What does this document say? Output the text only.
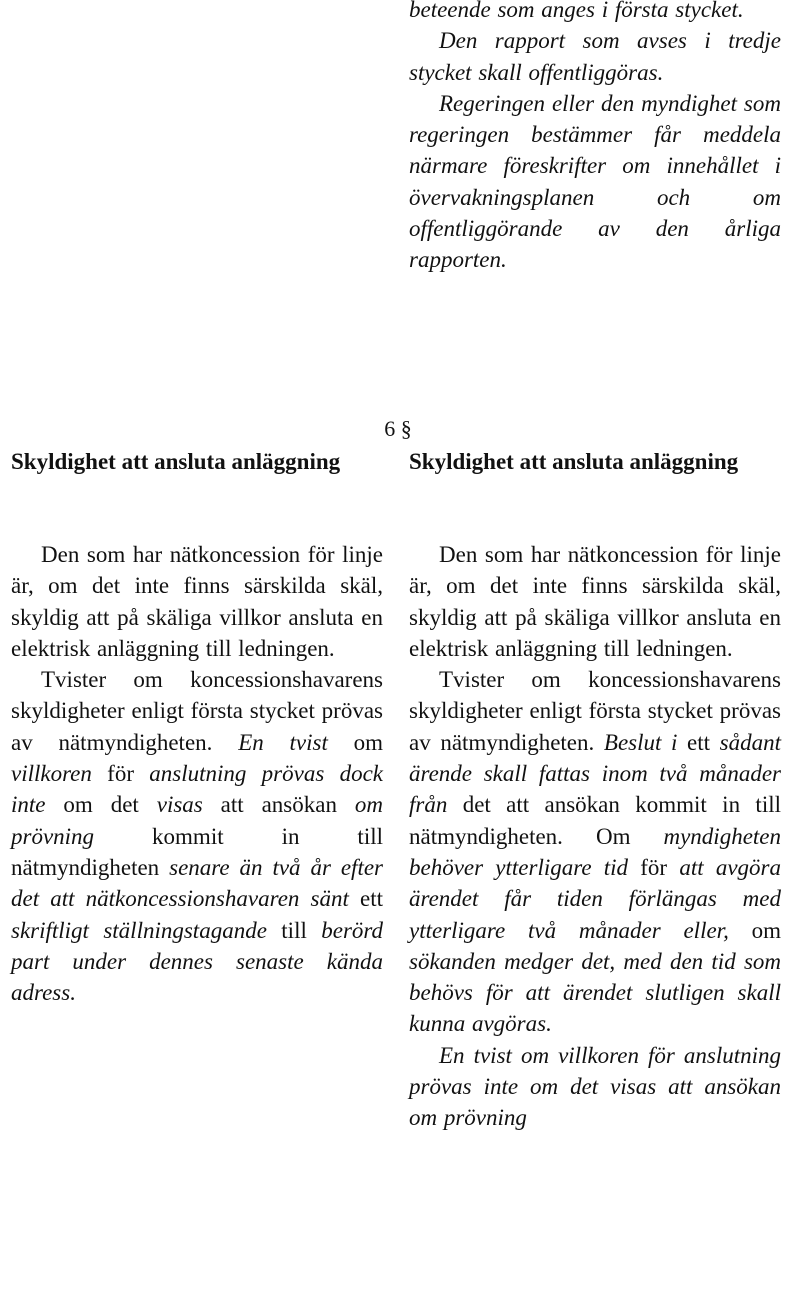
beteende som anges i första stycket.

Den rapport som avses i tredje stycket skall offentliggöras.

Regeringen eller den myndighet som regeringen bestämmer får meddela närmare föreskrifter om innehållet i övervakningsplanen och om offentliggörande av den årliga rapporten.

6 §
Skyldighet att ansluta anläggning	Skyldighet att ansluta anläggning

Den som har nätkoncession för linje är, om det inte finns särskilda skäl, skyldig att på skäliga villkor ansluta en elektrisk anläggning till ledningen.

Tvister om koncessionshavarens skyldigheter enligt första stycket prövas av nätmyndigheten. En tvist om villkoren för anslutning prövas dock inte om det visas att ansökan om prövning kommit in till nätmyndigheten senare än två år efter det att nätkoncessionshavaren sänt ett skriftligt ställningstagande till berörd part under dennes senaste kända adress.

Den som har nätkoncession för linje är, om det inte finns särskilda skäl, skyldig att på skäliga villkor ansluta en elektrisk anläggning till ledningen.

Tvister om koncessionshavarens skyldigheter enligt första stycket prövas av nätmyndigheten. Beslut i ett sådant ärende skall fattas inom två månader från det att ansökan kommit in till nätmyndigheten. Om myndigheten behöver ytterligare tid för att avgöra ärendet får tiden förlängas med ytterligare två månader eller, om sökanden medger det, med den tid som behövs för att ärendet slutligen skall kunna avgöras.

En tvist om villkoren för anslutning prövas inte om det visas att ansökan om prövning
